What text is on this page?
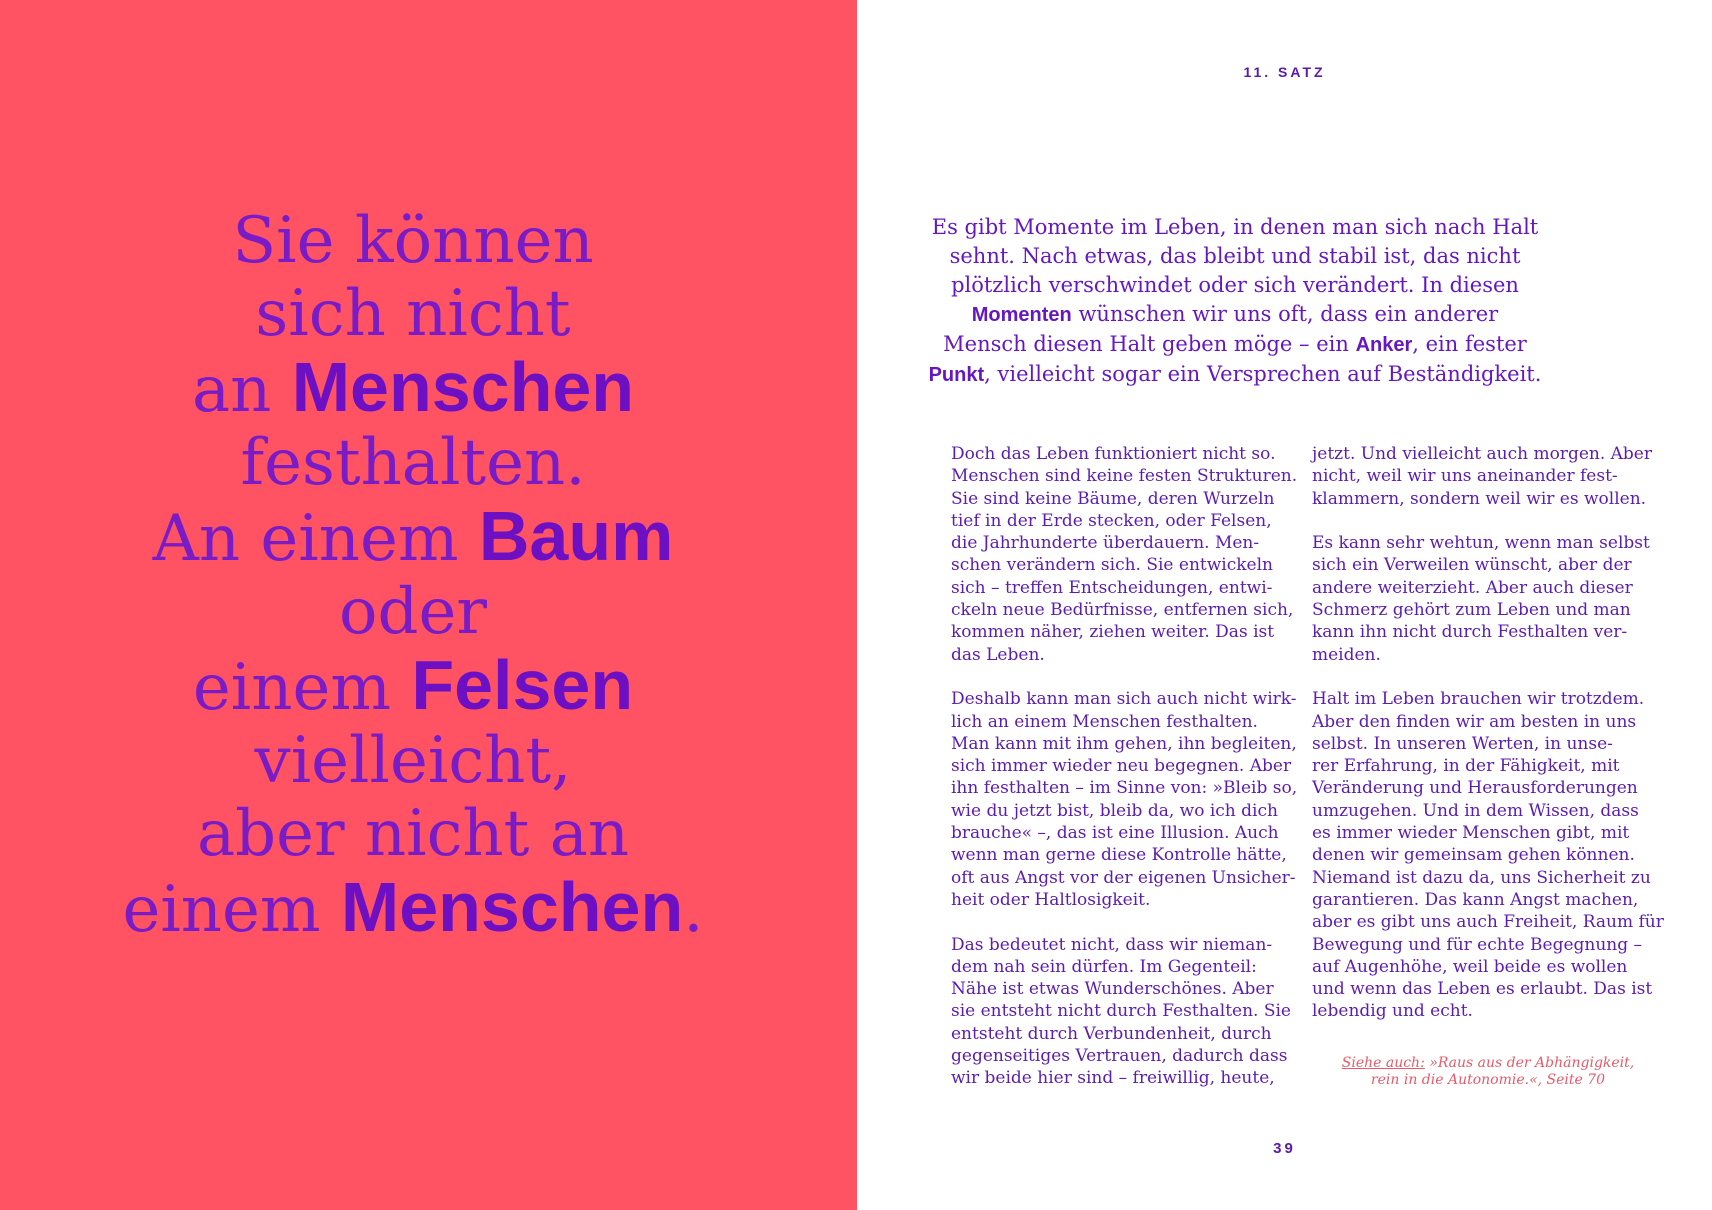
Sie können
sich nicht
an Menschen
festhalten.
An einem Baum
oder
einem Felsen
vielleicht,
aber nicht an
einem Menschen.
11. SATZ
Es gibt Momente im Leben, in denen man sich nach Halt sehnt. Nach etwas, das bleibt und stabil ist, das nicht plötzlich verschwindet oder sich verändert. In diesen Momenten wünschen wir uns oft, dass ein anderer Mensch diesen Halt geben möge – ein Anker, ein fester Punkt, vielleicht sogar ein Versprechen auf Beständigkeit.

Doch das Leben funktioniert nicht so.
Menschen sind keine festen Strukturen.
Sie sind keine Bäume, deren Wurzeln
tief in der Erde stecken, oder Felsen,
die Jahrhunderte überdauern. Men-
schen verändern sich. Sie entwickeln
sich – treffen Entscheidungen, entwi-
ckeln neue Bedürfnisse, entfernen sich,
kommen näher, ziehen weiter. Das ist
das Leben.

Deshalb kann man sich auch nicht wirk-
lich an einem Menschen festhalten.
Man kann mit ihm gehen, ihn begleiten,
sich immer wieder neu begegnen. Aber
ihn festhalten – im Sinne von: »Bleib so,
wie du jetzt bist, bleib da, wo ich dich
brauche« –, das ist eine Illusion. Auch
wenn man gerne diese Kontrolle hätte,
oft aus Angst vor der eigenen Unsicher-
heit oder Haltlosigkeit.

Das bedeutet nicht, dass wir nieman-
dem nah sein dürfen. Im Gegenteil:
Nähe ist etwas Wunderschönes. Aber
sie entsteht nicht durch Festhalten. Sie
entsteht durch Verbundenheit, durch
gegenseitiges Vertrauen, dadurch dass
wir beide hier sind – freiwillig, heute,

jetzt. Und vielleicht auch morgen. Aber
nicht, weil wir uns aneinander fest-
klammern, sondern weil wir es wollen.

Es kann sehr wehtun, wenn man selbst
sich ein Verweilen wünscht, aber der
andere weiterzieht. Aber auch dieser
Schmerz gehört zum Leben und man
kann ihn nicht durch Festhalten ver-
meiden.

Halt im Leben brauchen wir trotzdem.
Aber den finden wir am besten in uns
selbst. In unseren Werten, in unse-
rer Erfahrung, in der Fähigkeit, mit
Veränderung und Herausforderungen
umzugehen. Und in dem Wissen, dass
es immer wieder Menschen gibt, mit
denen wir gemeinsam gehen können.
Niemand ist dazu da, uns Sicherheit zu
garantieren. Das kann Angst machen,
aber es gibt uns auch Freiheit, Raum für
Bewegung und für echte Begegnung –
auf Augenhöhe, weil beide es wollen
und wenn das Leben es erlaubt. Das ist
lebendig und echt.

Siehe auch: »Raus aus der Abhängigkeit,
rein in die Autonomie.«, Seite 70
39
